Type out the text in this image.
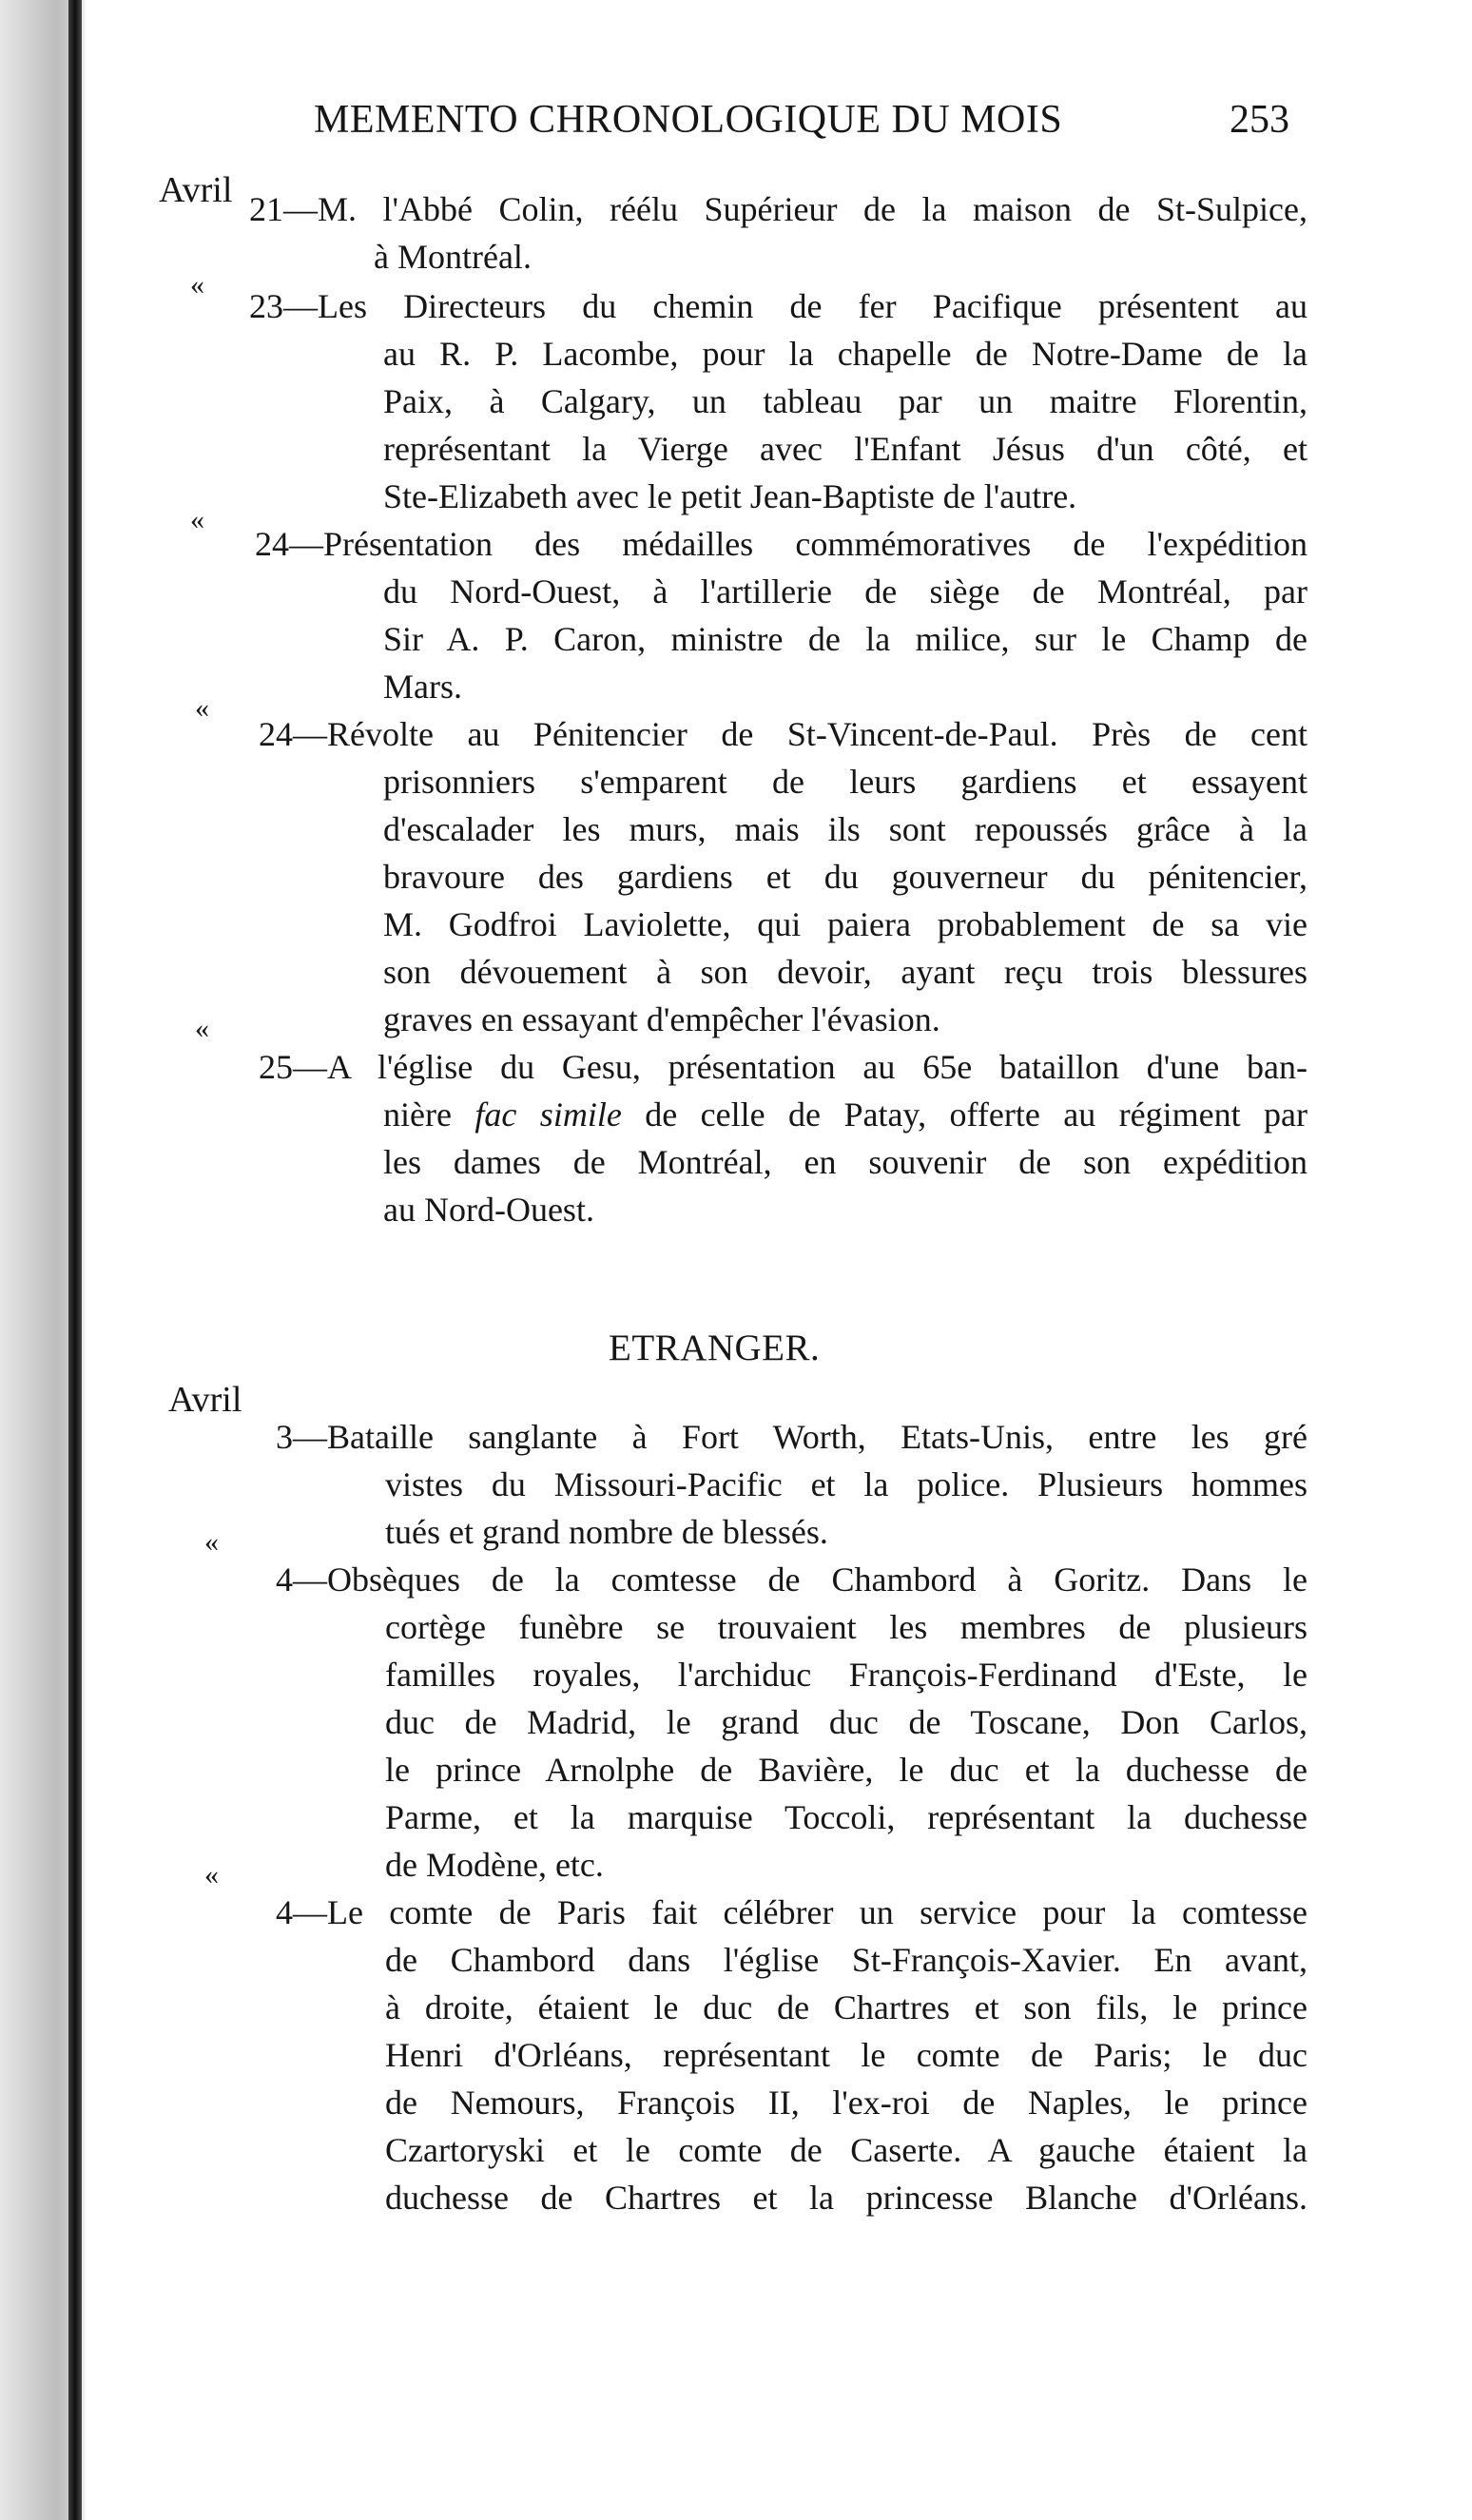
MEMENTO CHRONOLOGIQUE DU MOIS	253
Avril
«
«
«
«
21—M. l'Abbé Colin, réélu Supérieur de la maison de St-Sulpice,
à Montréal.
23—Les Directeurs du chemin de fer Pacifique présentent au
au R. P. Lacombe, pour la chapelle de Notre-Dame de la
Paix, à Calgary, un tableau par un maitre Florentin,
représentant la Vierge avec l'Enfant Jésus d'un côté, et
Ste-Elizabeth avec le petit Jean-Baptiste de l'autre.
24—Présentation des médailles commémoratives de l'expédition
du Nord-Ouest, à l'artillerie de siège de Montréal, par
Sir A. P. Caron, ministre de la milice, sur le Champ de
Mars.
24—Révolte au Pénitencier de St-Vincent-de-Paul. Près de cent
prisonniers s'emparent de leurs gardiens et essayent
d'escalader les murs, mais ils sont repoussés grâce à la
bravoure des gardiens et du gouverneur du pénitencier,
M. Godfroi Laviolette, qui paiera probablement de sa vie
son dévouement à son devoir, ayant reçu trois blessures
graves en essayant d'empêcher l'évasion.
25—A l'église du Gesu, présentation au 65e bataillon d'une ban-
nière fac simile de celle de Patay, offerte au régiment par
les dames de Montréal, en souvenir de son expédition
au Nord-Ouest.
ETRANGER.
Avril
«
«
3—Bataille sanglante à Fort Worth, Etats-Unis, entre les gré
vistes du Missouri-Pacific et la police. Plusieurs hommes
tués et grand nombre de blessés.
4—Obsèques de la comtesse de Chambord à Goritz. Dans le
cortège funèbre se trouvaient les membres de plusieurs
familles royales, l'archiduc François-Ferdinand d'Este, le
duc de Madrid, le grand duc de Toscane, Don Carlos,
le prince Arnolphe de Bavière, le duc et la duchesse de
Parme, et la marquise Toccoli, représentant la duchesse
de Modène, etc.
4—Le comte de Paris fait célébrer un service pour la comtesse
de Chambord dans l'église St-François-Xavier. En avant,
à droite, étaient le duc de Chartres et son fils, le prince
Henri d'Orléans, représentant le comte de Paris; le duc
de Nemours, François II, l'ex-roi de Naples, le prince
Czartoryski et le comte de Caserte. A gauche étaient la
duchesse de Chartres et la princesse Blanche d'Orléans.
